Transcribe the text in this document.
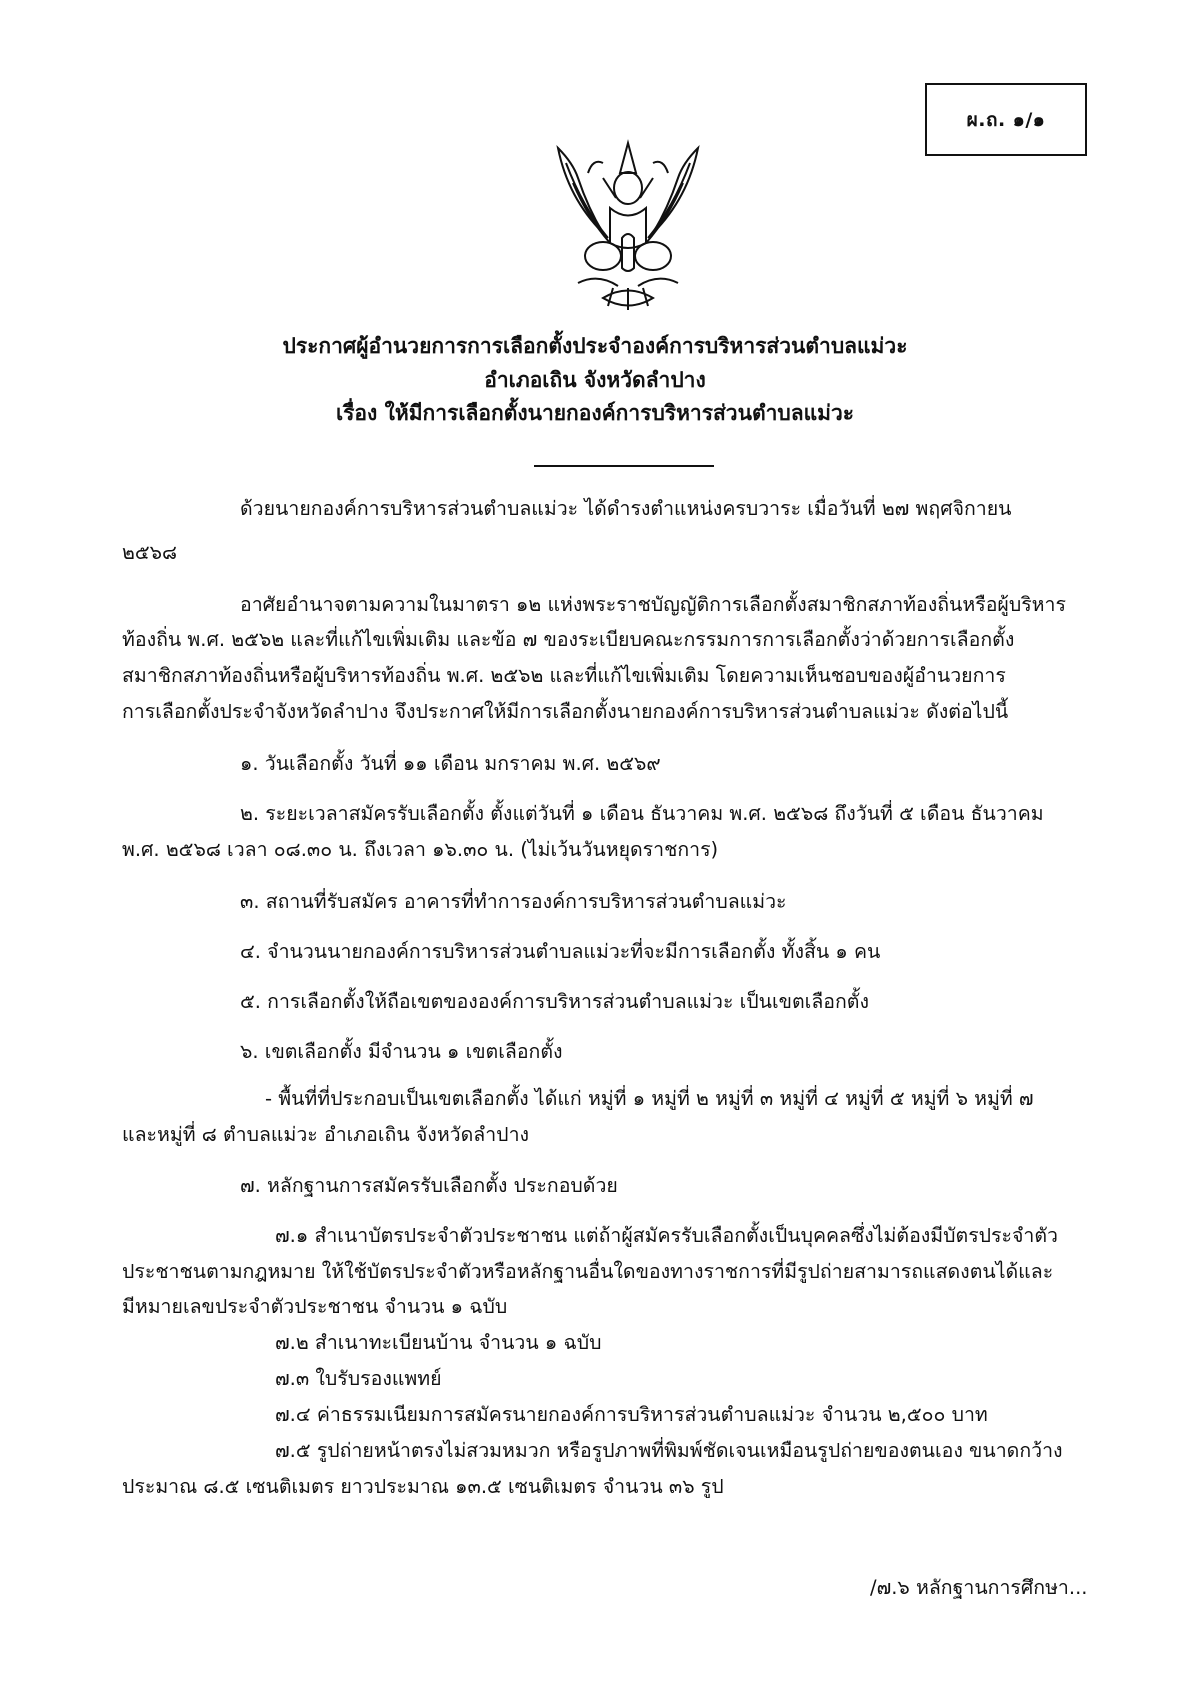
ผ.ถ. ๑/๑
ประกาศผู้อำนวยการการเลือกตั้งประจำองค์การบริหารส่วนตำบลแม่วะ
อำเภอเถิน จังหวัดลำปาง
เรื่อง ให้มีการเลือกตั้งนายกองค์การบริหารส่วนตำบลแม่วะ
ด้วยนายกองค์การบริหารส่วนตำบลแม่วะ ได้ดำรงตำแหน่งครบวาระ เมื่อวันที่ ๒๗ พฤศจิกายน
๒๕๖๘
อาศัยอำนาจตามความในมาตรา ๑๒ แห่งพระราชบัญญัติการเลือกตั้งสมาชิกสภาท้องถิ่นหรือผู้บริหาร
ท้องถิ่น พ.ศ. ๒๕๖๒ และที่แก้ไขเพิ่มเติม และข้อ ๗ ของระเบียบคณะกรรมการการเลือกตั้งว่าด้วยการเลือกตั้ง
สมาชิกสภาท้องถิ่นหรือผู้บริหารท้องถิ่น พ.ศ. ๒๕๖๒ และที่แก้ไขเพิ่มเติม โดยความเห็นชอบของผู้อำนวยการ
การเลือกตั้งประจำจังหวัดลำปาง จึงประกาศให้มีการเลือกตั้งนายกองค์การบริหารส่วนตำบลแม่วะ ดังต่อไปนี้
๑. วันเลือกตั้ง วันที่ ๑๑ เดือน มกราคม พ.ศ. ๒๕๖๙
๒. ระยะเวลาสมัครรับเลือกตั้ง ตั้งแต่วันที่ ๑ เดือน ธันวาคม พ.ศ. ๒๕๖๘ ถึงวันที่ ๕ เดือน ธันวาคม
พ.ศ. ๒๕๖๘ เวลา ๐๘.๓๐ น. ถึงเวลา ๑๖.๓๐ น. (ไม่เว้นวันหยุดราชการ)
๓. สถานที่รับสมัคร อาคารที่ทำการองค์การบริหารส่วนตำบลแม่วะ
๔. จำนวนนายกองค์การบริหารส่วนตำบลแม่วะที่จะมีการเลือกตั้ง ทั้งสิ้น ๑ คน
๕. การเลือกตั้งให้ถือเขตขององค์การบริหารส่วนตำบลแม่วะ เป็นเขตเลือกตั้ง
๖. เขตเลือกตั้ง มีจำนวน ๑ เขตเลือกตั้ง
- พื้นที่ที่ประกอบเป็นเขตเลือกตั้ง ได้แก่ หมู่ที่ ๑ หมู่ที่ ๒ หมู่ที่ ๓ หมู่ที่ ๔ หมู่ที่ ๕ หมู่ที่ ๖ หมู่ที่ ๗
และหมู่ที่ ๘ ตำบลแม่วะ อำเภอเถิน จังหวัดลำปาง
๗. หลักฐานการสมัครรับเลือกตั้ง ประกอบด้วย
๗.๑ สำเนาบัตรประจำตัวประชาชน แต่ถ้าผู้สมัครรับเลือกตั้งเป็นบุคคลซึ่งไม่ต้องมีบัตรประจำตัว
ประชาชนตามกฎหมาย ให้ใช้บัตรประจำตัวหรือหลักฐานอื่นใดของทางราชการที่มีรูปถ่ายสามารถแสดงตนได้และ
มีหมายเลขประจำตัวประชาชน จำนวน ๑ ฉบับ
๗.๒ สำเนาทะเบียนบ้าน จำนวน ๑ ฉบับ
๗.๓ ใบรับรองแพทย์
๗.๔ ค่าธรรมเนียมการสมัครนายกองค์การบริหารส่วนตำบลแม่วะ จำนวน ๒,๕๐๐ บาท
๗.๕ รูปถ่ายหน้าตรงไม่สวมหมวก หรือรูปภาพที่พิมพ์ชัดเจนเหมือนรูปถ่ายของตนเอง ขนาดกว้าง
ประมาณ ๘.๕ เซนติเมตร ยาวประมาณ ๑๓.๕ เซนติเมตร จำนวน ๓๖ รูป
/๗.๖ หลักฐานการศึกษา...
